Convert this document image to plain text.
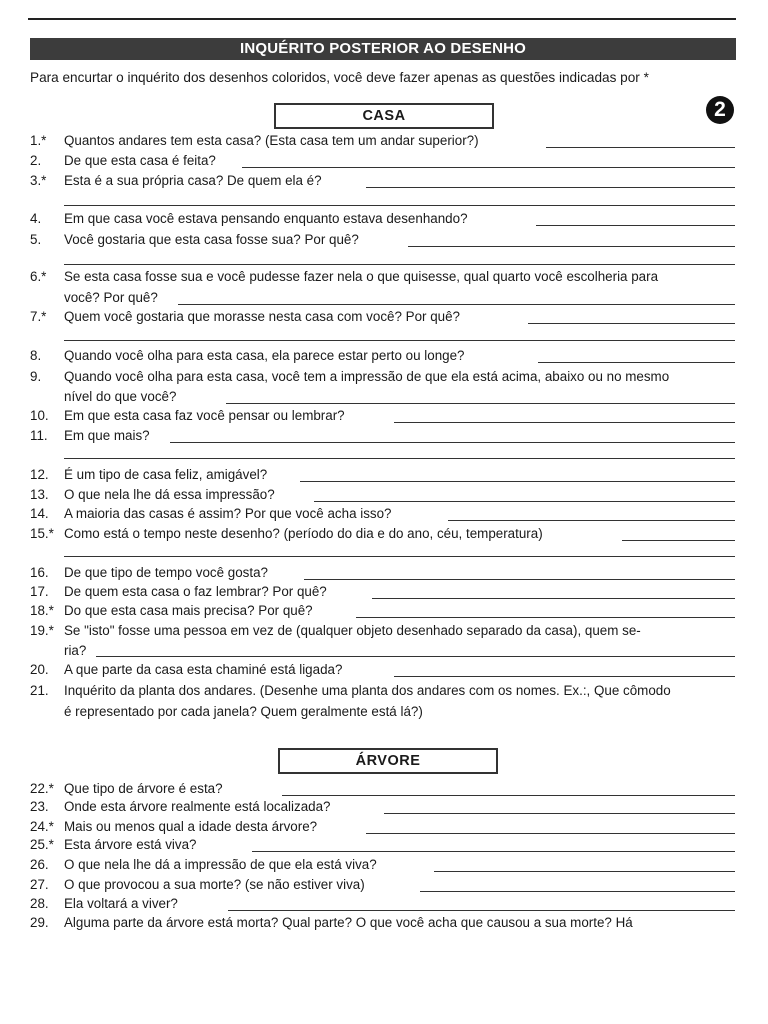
INQUÉRITO POSTERIOR AO DESENHO
Para encurtar o inquérito dos desenhos coloridos, você deve fazer apenas as questões indicadas por *
CASA	2
1.* Quantos andares tem esta casa? (Esta casa tem um andar superior?)
2. De que esta casa é feita?
3.* Esta é a sua própria casa? De quem ela é?
4. Em que casa você estava pensando enquanto estava desenhando?
5. Você gostaria que esta casa fosse sua? Por quê?
6.* Se esta casa fosse sua e você pudesse fazer nela o que quisesse, qual quarto você escolheria para
você? Por quê?
7.* Quem você gostaria que morasse nesta casa com você? Por quê?
8. Quando você olha para esta casa, ela parece estar perto ou longe?
9. Quando você olha para esta casa, você tem a impressão de que ela está acima, abaixo ou no mesmo
nível do que você?
10. Em que esta casa faz você pensar ou lembrar?
11. Em que mais?
12. É um tipo de casa feliz, amigável?
13. O que nela lhe dá essa impressão?
14. A maioria das casas é assim? Por que você acha isso?
15.* Como está o tempo neste desenho? (período do dia e do ano, céu, temperatura)
16. De que tipo de tempo você gosta?
17. De quem esta casa o faz lembrar? Por quê?
18.* Do que esta casa mais precisa? Por quê?
19.* Se "isto" fosse uma pessoa em vez de (qualquer objeto desenhado separado da casa), quem se-
ria?
20. A que parte da casa esta chaminé está ligada?
21. Inquérito da planta dos andares. (Desenhe uma planta dos andares com os nomes. Ex.:, Que cômodo
é representado por cada janela? Quem geralmente está lá?)
ÁRVORE
22.* Que tipo de árvore é esta?
23. Onde esta árvore realmente está localizada?
24.* Mais ou menos qual a idade desta árvore?
25.* Esta árvore está viva?
26. O que nela lhe dá a impressão de que ela está viva?
27. O que provocou a sua morte? (se não estiver viva)
28. Ela voltará a viver?
29. Alguma parte da árvore está morta? Qual parte? O que você acha que causou a sua morte? Há
